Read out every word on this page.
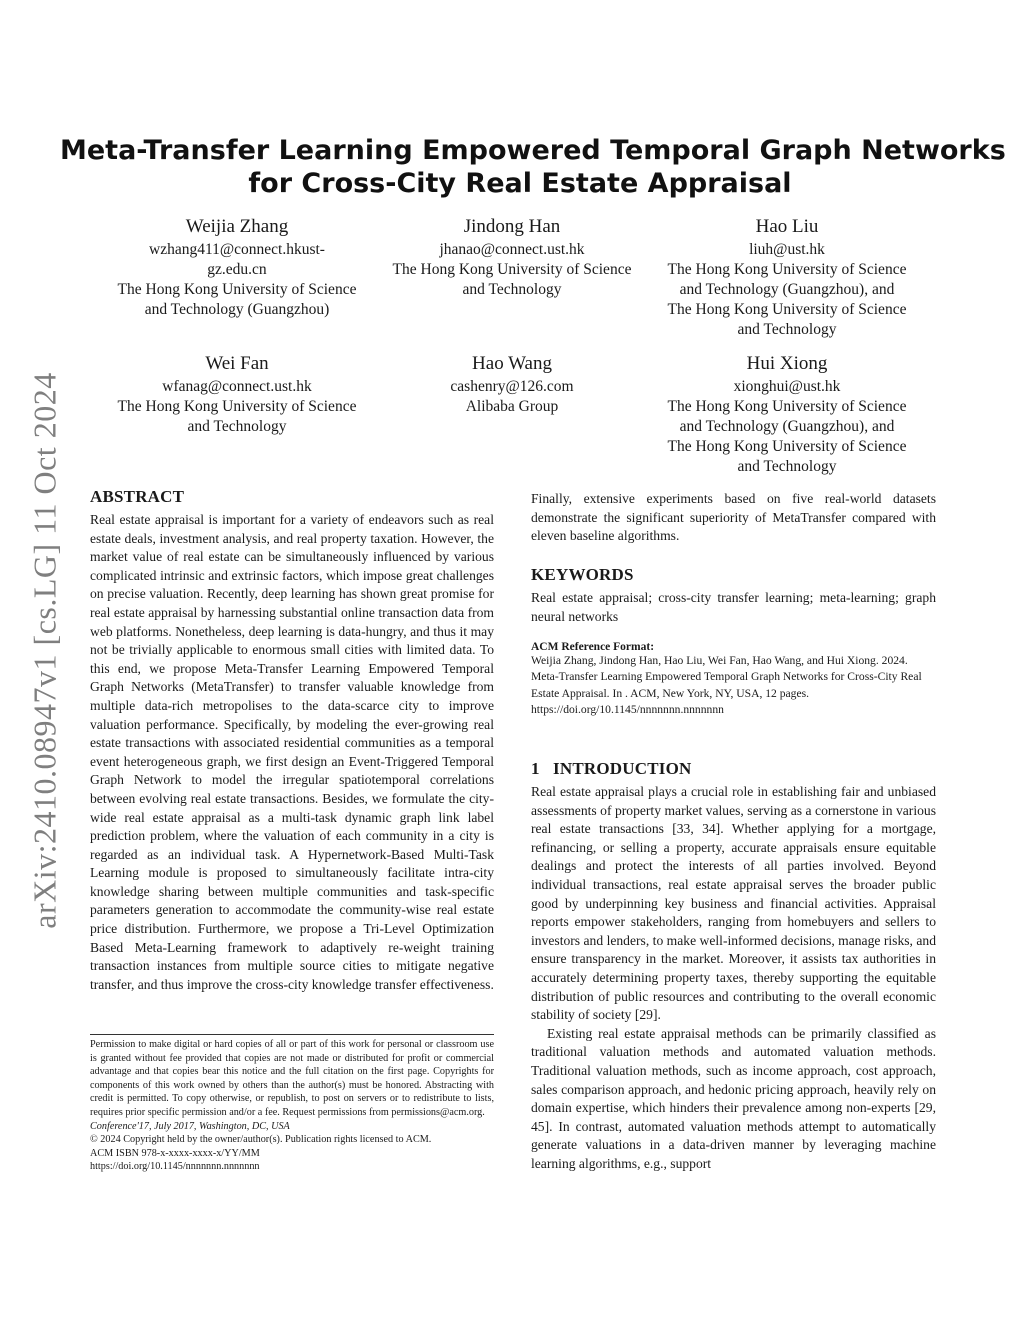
arXiv:2410.08947v1 [cs.LG] 11 Oct 2024
Meta-Transfer Learning Empowered Temporal Graph Networks
for Cross-City Real Estate Appraisal
Weijia Zhang
wzhang411@connect.hkust-
gz.edu.cn
The Hong Kong University of Science
and Technology (Guangzhou)
Jindong Han
jhanao@connect.ust.hk
The Hong Kong University of Science
and Technology
Hao Liu
liuh@ust.hk
The Hong Kong University of Science
and Technology (Guangzhou), and
The Hong Kong University of Science
and Technology
Wei Fan
wfanag@connect.ust.hk
The Hong Kong University of Science
and Technology
Hao Wang
cashenry@126.com
Alibaba Group
Hui Xiong
xionghui@ust.hk
The Hong Kong University of Science
and Technology (Guangzhou), and
The Hong Kong University of Science
and Technology
ABSTRACT
Real estate appraisal is important for a variety of endeavors such as real estate deals, investment analysis, and real property taxation. However, the market value of real estate can be simultaneously influenced by various complicated intrinsic and extrinsic factors, which impose great challenges on precise valuation. Recently, deep learning has shown great promise for real estate appraisal by harnessing substantial online transaction data from web platforms. Nonetheless, deep learning is data-hungry, and thus it may not be trivially applicable to enormous small cities with limited data. To this end, we propose Meta-Transfer Learning Empowered Temporal Graph Networks (MetaTransfer) to transfer valuable knowledge from multiple data-rich metropolises to the data-scarce city to improve valuation performance. Specifically, by modeling the ever-growing real estate transactions with associated residential communities as a temporal event heterogeneous graph, we first design an Event-Triggered Temporal Graph Network to model the irregular spatiotemporal correlations between evolving real estate transactions. Besides, we formulate the city-wide real estate appraisal as a multi-task dynamic graph link label prediction problem, where the valuation of each community in a city is regarded as an individual task. A Hypernetwork-Based Multi-Task Learning module is proposed to simultaneously facilitate intra-city knowledge sharing between multiple communities and task-specific parameters generation to accommodate the community-wise real estate price distribution. Furthermore, we propose a Tri-Level Optimization Based Meta-Learning framework to adaptively re-weight training transaction instances from multiple source cities to mitigate negative transfer, and thus improve the cross-city knowledge transfer effectiveness.
Permission to make digital or hard copies of all or part of this work for personal or classroom use is granted without fee provided that copies are not made or distributed for profit or commercial advantage and that copies bear this notice and the full citation on the first page. Copyrights for components of this work owned by others than the author(s) must be honored. Abstracting with credit is permitted. To copy otherwise, or republish, to post on servers or to redistribute to lists, requires prior specific permission and/or a fee. Request permissions from permissions@acm.org.
Conference'17, July 2017, Washington, DC, USA
© 2024 Copyright held by the owner/author(s). Publication rights licensed to ACM.
ACM ISBN 978-x-xxxx-xxxx-x/YY/MM
https://doi.org/10.1145/nnnnnnn.nnnnnnn
Finally, extensive experiments based on five real-world datasets demonstrate the significant superiority of MetaTransfer compared with eleven baseline algorithms.
KEYWORDS
Real estate appraisal; cross-city transfer learning; meta-learning; graph neural networks
ACM Reference Format:
Weijia Zhang, Jindong Han, Hao Liu, Wei Fan, Hao Wang, and Hui Xiong. 2024. Meta-Transfer Learning Empowered Temporal Graph Networks for Cross-City Real Estate Appraisal. In . ACM, New York, NY, USA, 12 pages. https://doi.org/10.1145/nnnnnnn.nnnnnnn
1   INTRODUCTION
Real estate appraisal plays a crucial role in establishing fair and unbiased assessments of property market values, serving as a cornerstone in various real estate transactions [33, 34]. Whether applying for a mortgage, refinancing, or selling a property, accurate appraisals ensure equitable dealings and protect the interests of all parties involved. Beyond individual transactions, real estate appraisal serves the broader public good by underpinning key business and financial activities. Appraisal reports empower stakeholders, ranging from homebuyers and sellers to investors and lenders, to make well-informed decisions, manage risks, and ensure transparency in the market. Moreover, it assists tax authorities in accurately determining property taxes, thereby supporting the equitable distribution of public resources and contributing to the overall economic stability of society [29].
Existing real estate appraisal methods can be primarily classified as traditional valuation methods and automated valuation methods. Traditional valuation methods, such as income approach, cost approach, sales comparison approach, and hedonic pricing approach, heavily rely on domain expertise, which hinders their prevalence among non-experts [29, 45]. In contrast, automated valuation methods attempt to automatically generate valuations in a data-driven manner by leveraging machine learning algorithms, e.g., support
